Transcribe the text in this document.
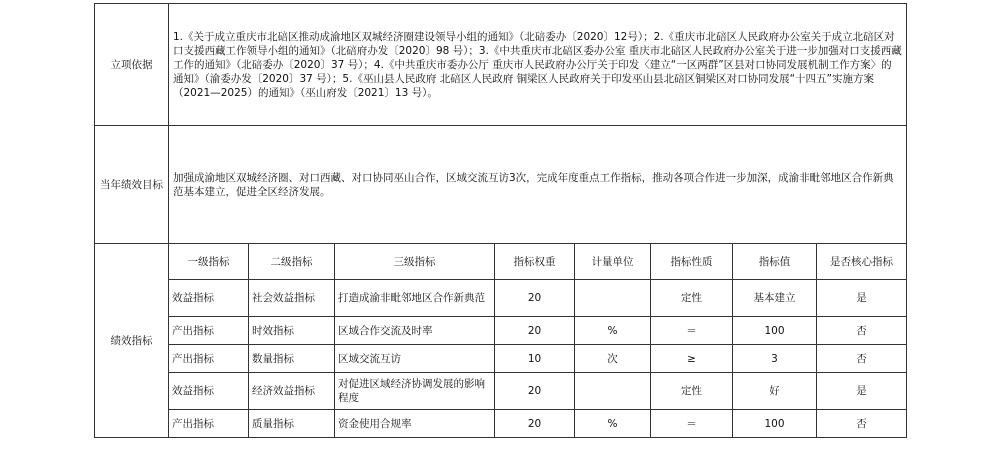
立项依据	1.《关于成立重庆市北碚区推动成渝地区双城经济圈建设领导小组的通知》（北碚委办〔2020〕12号）；2.《重庆市北碚区人民政府办公室关于成立北碚区对口支援西藏工作领导小组的通知》（北碚府办发〔2020〕98 号）；3.《中共重庆市北碚区委办公室 重庆市北碚区人民政府办公室关于进一步加强对口支援西藏工作的通知》（北碚委办〔2020〕37 号）；4.《中共重庆市委办公厅 重庆市人民政府办公厅关于印发〈建立“一区两群”区县对口协同发展机制工作方案〉的通知》（渝委办发〔2020〕37 号）；5.《巫山县人民政府 北碚区人民政府 铜梁区人民政府关于印发巫山县北碚区铜梁区对口协同发展“十四五”实施方案（2021—2025）的通知》（巫山府发〔2021〕13 号）。							
当年绩效目标	加强成渝地区双城经济圈、对口西藏、对口协同巫山合作，区域交流互访3次，完成年度重点工作指标，推动各项合作进一步加深，成渝非毗邻地区合作新典范基本建立，促进全区经济发展。							
绩效指标	一级指标	二级指标	三级指标	指标权重	计量单位	指标性质	指标值	是否核心指标
	效益指标	社会效益指标	打造成渝非毗邻地区合作新典范	20		定性	基本建立	是
	产出指标	时效指标	区域合作交流及时率	20	%	＝	100	否
	产出指标	数量指标	区域交流互访	10	次	≥	3	否
	效益指标	经济效益指标	对促进区域经济协调发展的影响程度	20		定性	好	是
	产出指标	质量指标	资金使用合规率	20	%	＝	100	否
